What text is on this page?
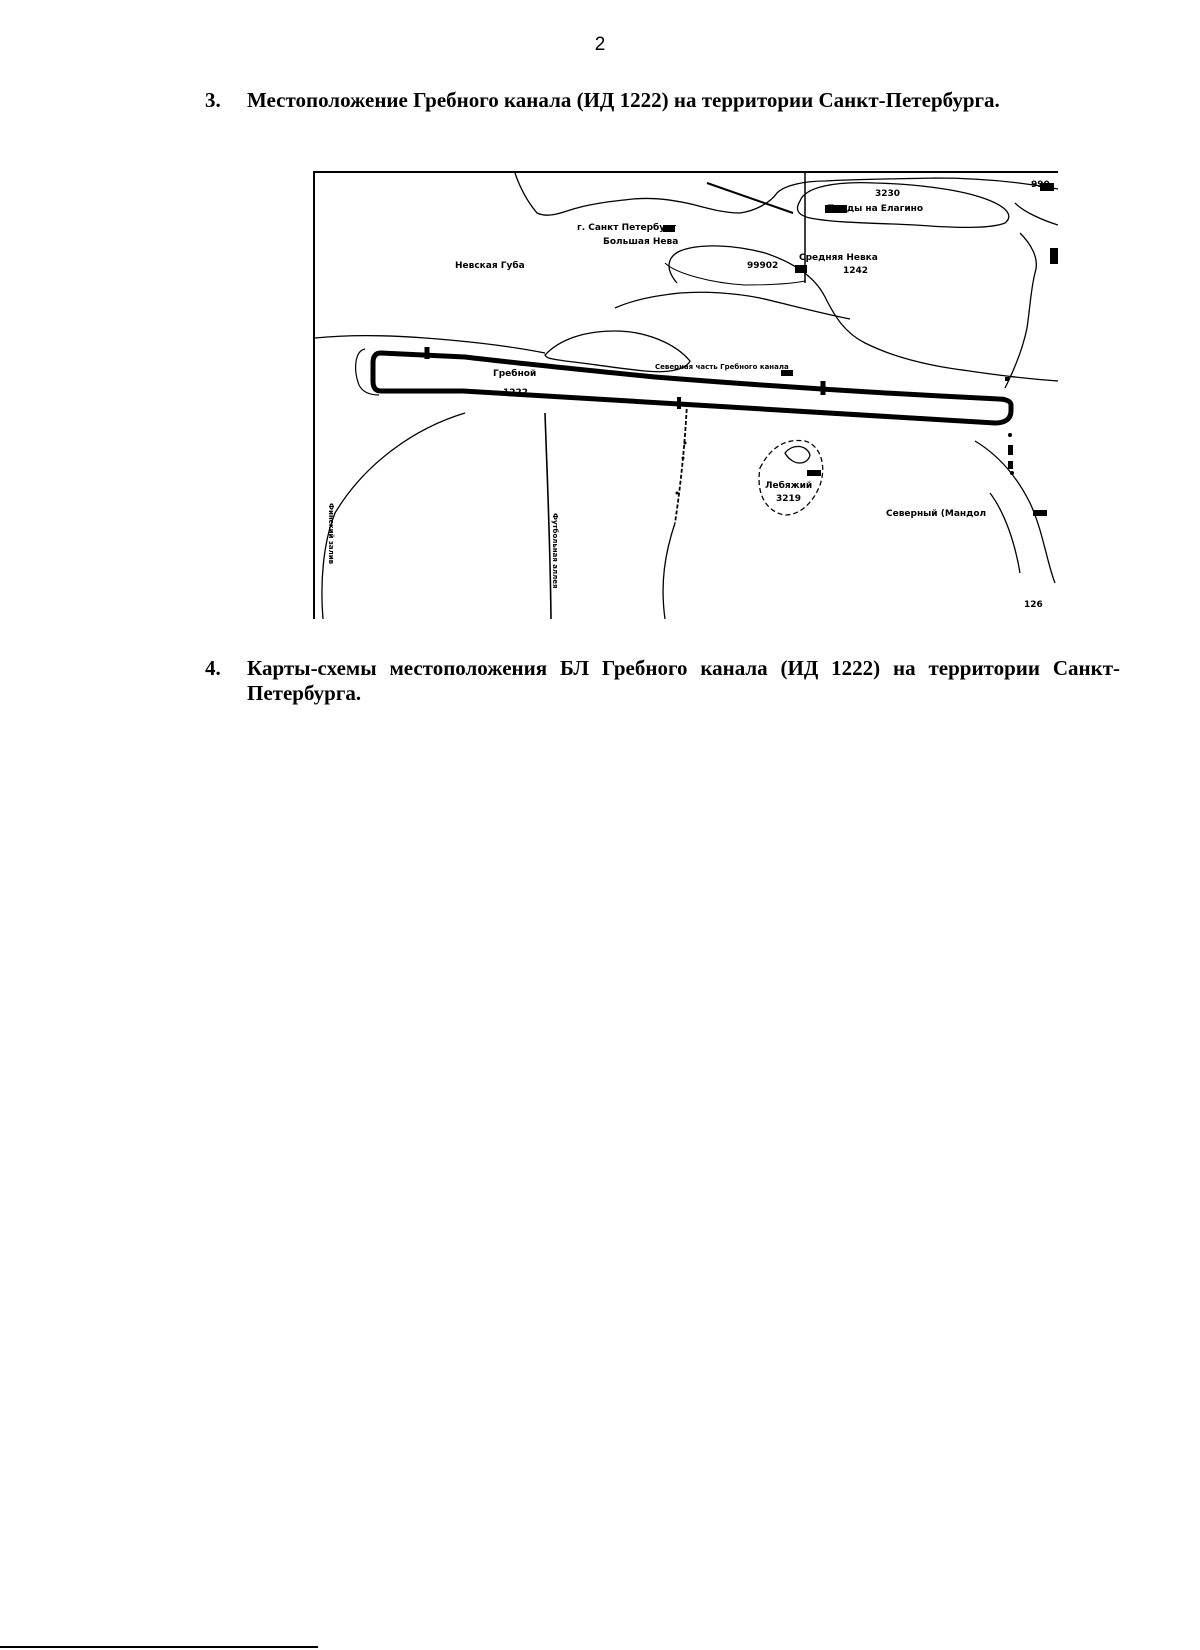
2
3. Местоположение Гребного канала (ИД 1222) на территории Санкт-Петербурга.
г. Санкт Петербург
Большая Нева
Невская Губа	99902
Средняя Невка
1242
3230
Пруды на Елагино
990
Гребной
1222
Северная часть Гребного канала
Лебяжий
3219
Северный (Мандол
126
Финский залив	Футбольная аллея
4. Карты-схемы местоположения БЛ Гребного канала (ИД 1222) на территории Санкт-Петербурга.
